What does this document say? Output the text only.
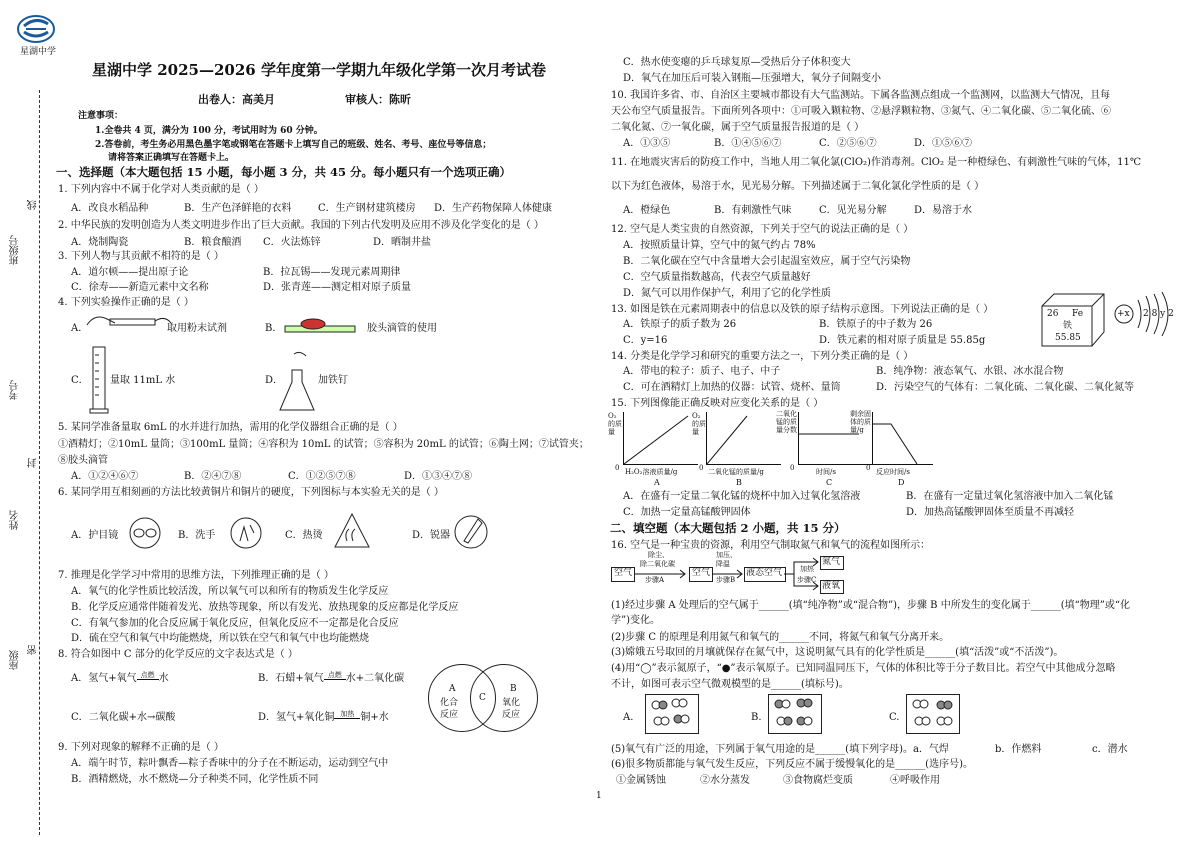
星湖中学
班级号
线
考号
封
姓名
座级 密
星湖中学 2025—2026 学年度第一学期九年级化学第一次月考试卷
出卷人：高美月	审核人：陈昕
注意事项：
1.全卷共 4 页，满分为 100 分，考试用时为 60 分钟。
2.答卷前，考生务必用黑色墨字笔或钢笔在答题卡上填写自己的班级、姓名、考号、座位号等信息；
请将答案正确填写在答题卡上。
一、选择题（本大题包括 15 小题，每小题 3 分，共 45 分。每小题只有一个选项正确）
1. 下列内容中不属于化学对人类贡献的是（ ）
A．改良水稻品种	B．生产色泽鲜艳的衣料	C．生产钢材建筑楼房 D．生产药物保障人体健康
2. 中华民族的发明创造为人类文明进步作出了巨大贡献。我国的下列古代发明及应用不涉及化学变化的是（ ）
A．烧制陶瓷	B．粮食酿酒 C．火法炼锌	D．晒制井盐
3. 下列人物与其贡献不相符的是（ ）
A．道尔顿——提出原子论	B．拉瓦锡——发现元素周期律
C．徐寿——新造元素中文名称	D．张青莲——测定相对原子质量
4. 下列实验操作正确的是（ ）
A．	取用粉末试剂	B．	胶头滴管的使用
C． 量取 11mL 水	D．	加铁钉
5. 某同学准备量取 6mL 的水并进行加热，需用的化学仪器组合正确的是（ ）
①酒精灯；②10mL 量筒；③100mL 量筒；④容积为 10mL 的试管；⑤容积为 20mL 的试管；⑥陶土网；⑦试管夹；
⑧胶头滴管
A．①②④⑥⑦	B．②④⑦⑧	C．①②⑤⑦⑧	D．①③④⑦⑧
6. 某同学用互相刻画的方法比较黄铜片和铜片的硬度，下列图标与本实验无关的是（ ）
A．护目镜	B．洗手	C．热烫	D．锐器
7. 推理是化学学习中常用的思维方法，下列推理正确的是（ ）
A．氧气的化学性质比较活泼，所以氧气可以和所有的物质发生化学反应
B．化学反应通常伴随着发光、放热等现象，所以有发光、放热现象的反应都是化学反应
C．有氧气参加的化合反应属于氧化反应，但氧化反应不一定都是化合反应
D．硫在空气和氧气中均能燃烧，所以铁在空气和氧气中也均能燃烧
8. 符合如图中 C 部分的化学反应的文字表达式是（ ）
A．氢气+氧气 点燃 水	B．石蜡+氧气 点燃 水+二氧化碳
C．二氧化碳+水→碳酸	D．氢气+氧化铜 加热 铜+水
A
化合
反应
C
B
氧化
反应
9. 下列对现象的解释不正确的是（ ）
A．端午时节，粽叶飘香—粽子香味中的分子在不断运动，运动到空气中
B．酒精燃烧，水不燃烧—分子种类不同，化学性质不同
C．热水使变瘪的乒乓球复原—受热后分子体积变大
D．氧气在加压后可装入钢瓶—压强增大，氧分子间隔变小
10. 我国许多省、市、自治区主要城市都设有大气监测站。下属各监测点组成一个监测网，以监测大气情况，且每
天公布空气质量报告。下面所列各项中：①可吸入颗粒物、②悬浮颗粒物、③氮气、④二氧化碳、⑤二氧化硫、⑥
二氧化氮、⑦一氧化碳，属于空气质量报告报道的是（ ）
A．①③⑤	B．①④⑤⑥⑦	C．②⑤⑥⑦	D．①⑤⑥⑦
11. 在地震灾害后的防疫工作中，当地人用二氧化氯(ClO₂)作消毒剂。ClO₂ 是一种橙绿色、有刺激性气味的气体，11℃
以下为红色液体，易溶于水，见光易分解。下列描述属于二氧化氯化学性质的是（ ）
A．橙绿色	B．有刺激性气味	C．见光易分解	D．易溶于水
12. 空气是人类宝贵的自然资源，下列关于空气的说法正确的是（ ）
A．按照质量计算，空气中的氮气约占 78%
B．二氧化碳在空气中含量增大会引起温室效应，属于空气污染物
C．空气质量指数越高，代表空气质量越好
D．氮气可以用作保护气，利用了它的化学性质
13. 如图是铁在元素周期表中的信息以及铁的原子结构示意图。下列说法正确的是（ ）
A．铁原子的质子数为 26	B．铁原子的中子数为 26
C．y=16	D．铁元素的相对原子质量是 55.85g
26 Fe
铁
55.85
+x 2 8 y 2
14. 分类是化学学习和研究的重要方法之一，下列分类正确的是（ ）
A．带电的粒子：质子、电子、中子	B．纯净物：液态氧气、水银、冰水混合物
C．可在酒精灯上加热的仪器：试管、烧杯、量筒	D．污染空气的气体有：二氧化硫、二氧化碳、二氧化氮等
15. 下列图像能正确反映对应变化关系的是（ ）
O₂的质量
0 H₂O₂溶液质量/g
A
O₂的质量
0 二氧化锰的质量/g
B
二氧化锰的质量分数
0	时间/s
C
剩余固体的质量/g
0 反应时间/s
D
A．在盛有一定量二氧化锰的烧杯中加入过氧化氢溶液	B．在盛有一定量过氧化氢溶液中加入二氧化锰
C．加热一定量高锰酸钾固体	D．加热高锰酸钾固体至质量不再减轻
二、填空题（本大题包括 2 小题，共 15 分）
16. 空气是一种宝贵的资源，利用空气制取氮气和氧气的流程如图所示：
空气
除尘、
除二氧化碳
步骤A
空气
加压、
降温
步骤B
液态空气	加热
步骤C
氮气
液氧
(1)经过步骤 A 处理后的空气属于______(填“纯净物”或“混合物”)，步骤 B 中所发生的变化属于______(填“物理”或“化
学”)变化。
(2)步骤 C 的原理是利用氮气和氧气的______不同，将氮气和氧气分离开来。
(3)嫦娥五号取回的月壤就保存在氮气中，这说明氮气具有的化学性质是______(填“活泼”或“不活泼”)。
(4)用“◯”表示氮原子，“●”表示氧原子。已知同温同压下，气体的体积比等于分子数目比。若空气中其他成分忽略
不计，如图可表示空气微观模型的是______(填标号)。
A.	B.	C.
(5)氧气有广泛的用途，下列属于氧气用途的是______(填下列字母)。a．气焊	b．作燃料	c．潜水
(6)很多物质都能与氧气发生反应，下列反应不属于缓慢氧化的是______(选序号)。
①金属锈蚀	②水分蒸发	③食物腐烂变质	④呼吸作用
1
